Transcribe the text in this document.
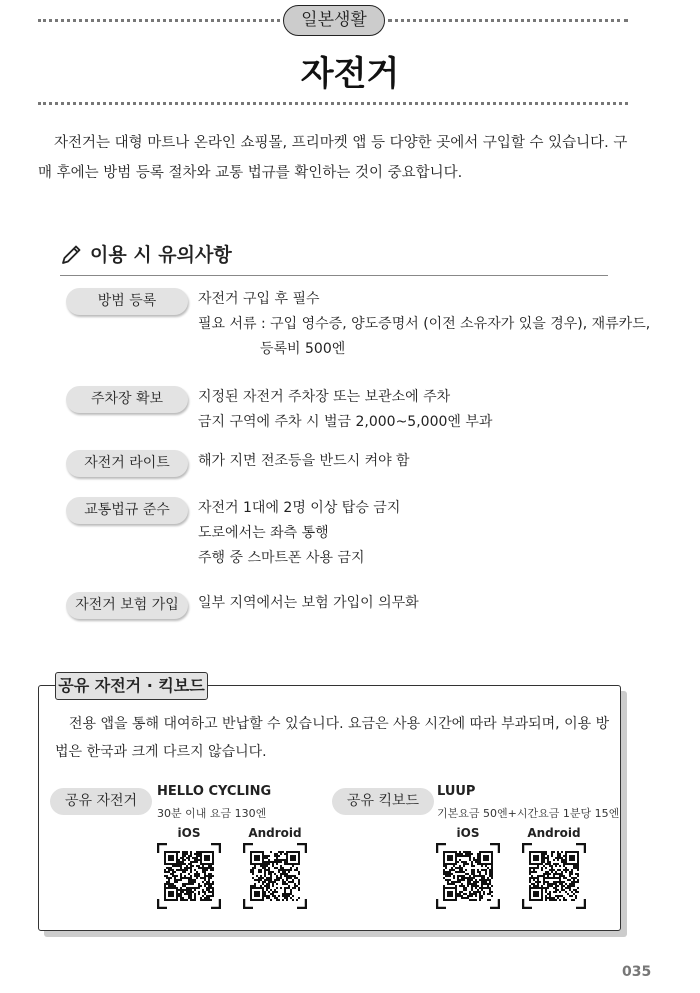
일본생활
자전거
자전거는 대형 마트나 온라인 쇼핑몰, 프리마켓 앱 등 다양한 곳에서 구입할 수 있습니다. 구매 후에는 방범 등록 절차와 교통 법규를 확인하는 것이 중요합니다.
이용 시 유의사항
방범 등록	자전거 구입 후 필수
필요 서류 : 구입 영수증, 양도증명서 (이전 소유자가 있을 경우), 재류카드,
등록비 500엔
주차장 확보	지정된 자전거 주차장 또는 보관소에 주차
금지 구역에 주차 시 벌금 2,000~5,000엔 부과
자전거 라이트	해가 지면 전조등을 반드시 켜야 함
교통법규 준수	자전거 1대에 2명 이상 탑승 금지
도로에서는 좌측 통행
주행 중 스마트폰 사용 금지
자전거 보험 가입	일부 지역에서는 보험 가입이 의무화
공유 자전거 · 킥보드
전용 앱을 통해 대여하고 반납할 수 있습니다. 요금은 사용 시간에 따라 부과되며, 이용 방법은 한국과 크게 다르지 않습니다.
공유 자전거
HELLO CYCLING
30분 이내 요금 130엔
iOS	Android
공유 킥보드
LUUP
기본요금 50엔+시간요금 1분당 15엔
iOS	Android
035
